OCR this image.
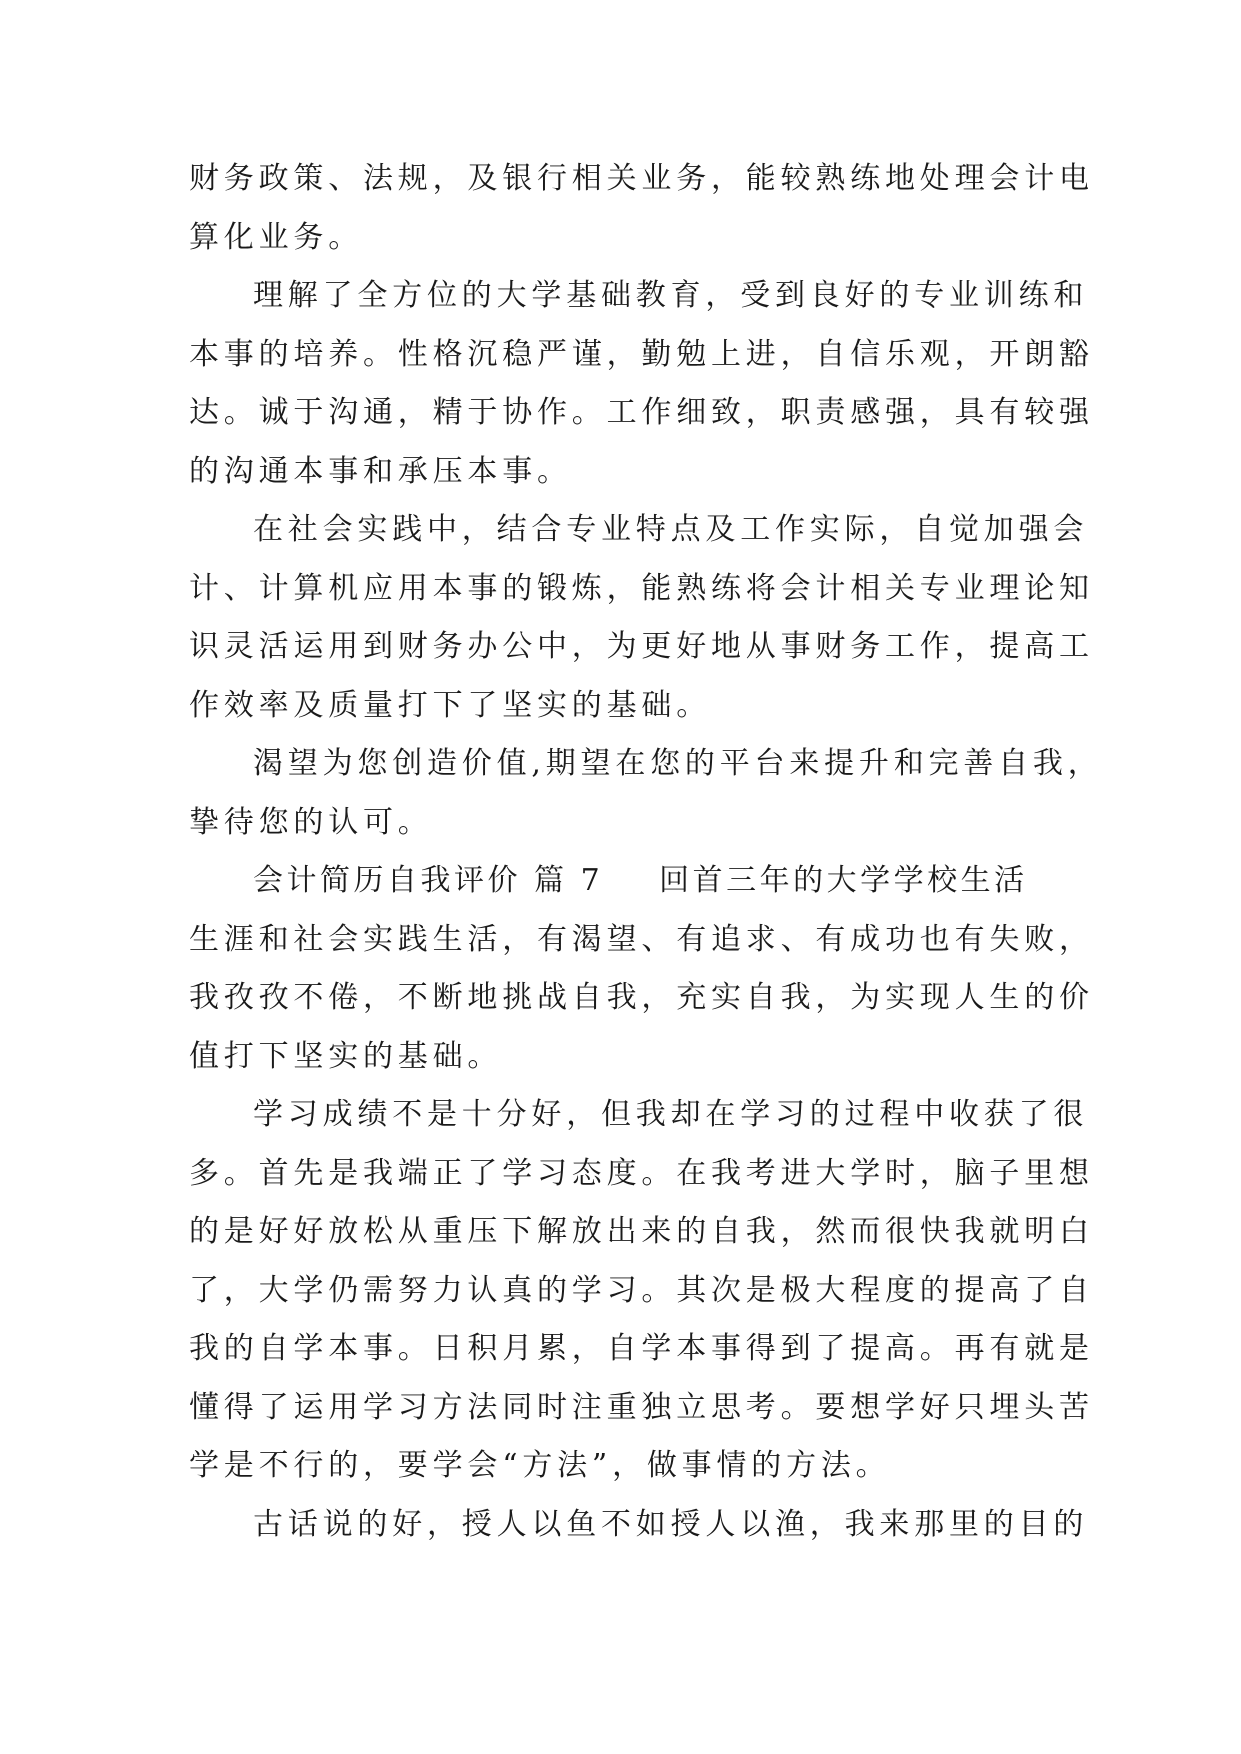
财务政策、法规，及银行相关业务，能较熟练地处理会计电
算化业务。
理解了全方位的大学基础教育，受到良好的专业训练和
本事的培养。性格沉稳严谨，勤勉上进，自信乐观，开朗豁
达。诚于沟通，精于协作。工作细致，职责感强，具有较强
的沟通本事和承压本事。
在社会实践中，结合专业特点及工作实际，自觉加强会
计、计算机应用本事的锻炼，能熟练将会计相关专业理论知
识灵活运用到财务办公中，为更好地从事财务工作，提高工
作效率及质量打下了坚实的基础。
渴望为您创造价值,期望在您的平台来提升和完善自我，
挚待您的认可。
会计简历自我评价 篇 7 回首三年的大学学校生活
生涯和社会实践生活，有渴望、有追求、有成功也有失败，
我孜孜不倦，不断地挑战自我，充实自我，为实现人生的价
值打下坚实的基础。
学习成绩不是十分好，但我却在学习的过程中收获了很
多。首先是我端正了学习态度。在我考进大学时，脑子里想
的是好好放松从重压下解放出来的自我，然而很快我就明白
了，大学仍需努力认真的学习。其次是极大程度的提高了自
我的自学本事。日积月累，自学本事得到了提高。再有就是
懂得了运用学习方法同时注重独立思考。要想学好只埋头苦
学是不行的，要学会“方法”，做事情的方法。
古话说的好，授人以鱼不如授人以渔，我来那里的目的
